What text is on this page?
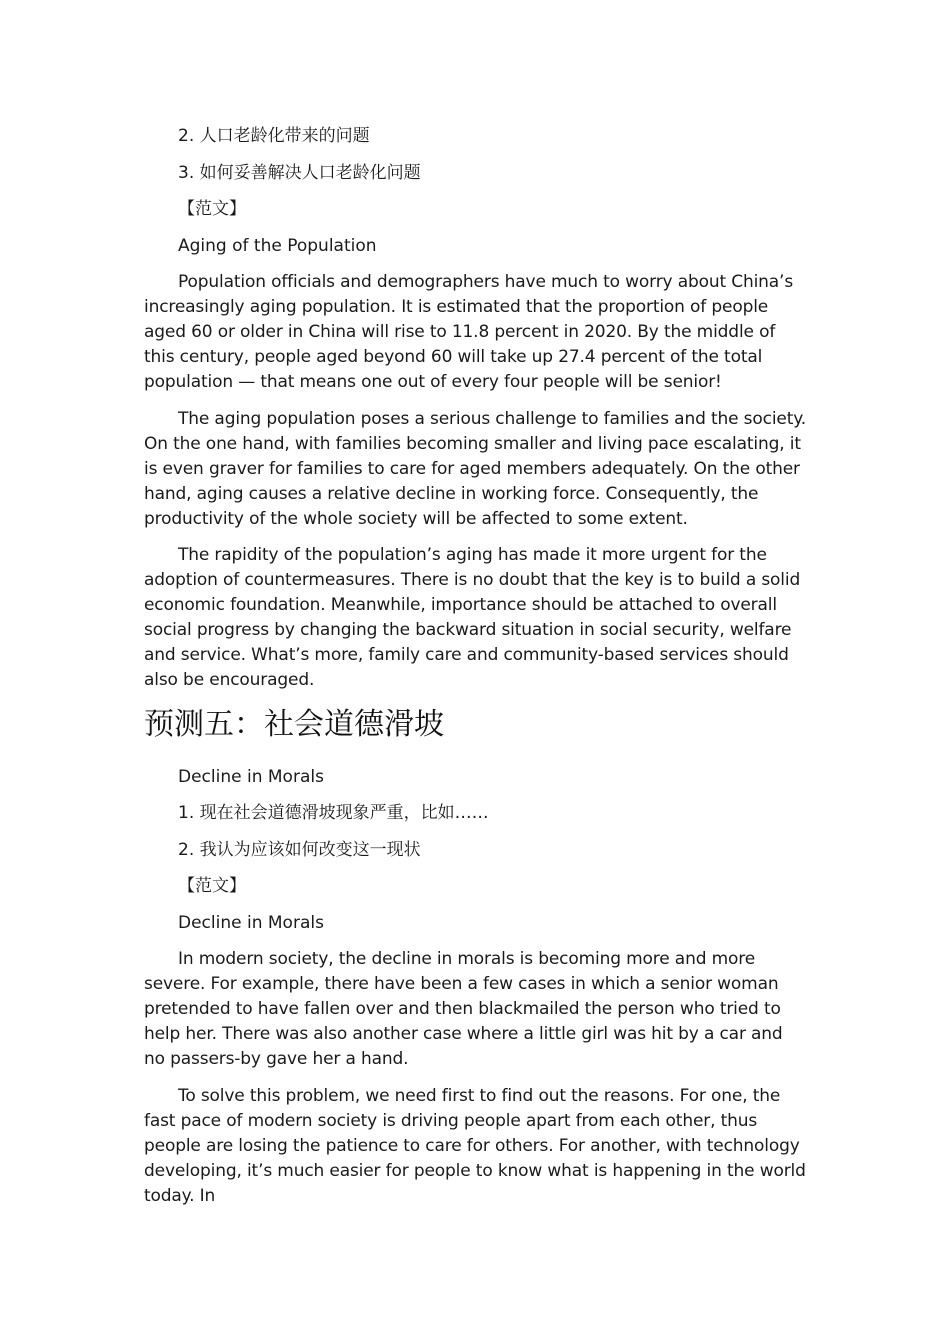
2. 人口老龄化带来的问题

3. 如何妥善解决人口老龄化问题

【范文】

Aging of the Population

Population officials and demographers have much to worry about China’s increasingly aging population. It is estimated that the proportion of people aged 60 or older in China will rise to 11.8 percent in 2020. By the middle of this century, people aged beyond 60 will take up 27.4 percent of the total population — that means one out of every four people will be senior!

The aging population poses a serious challenge to families and the society. On the one hand, with families becoming smaller and living pace escalating, it is even graver for families to care for aged members adequately. On the other hand, aging causes a relative decline in working force. Consequently, the productivity of the whole society will be affected to some extent.

The rapidity of the population’s aging has made it more urgent for the adoption of countermeasures. There is no doubt that the key is to build a solid economic foundation. Meanwhile, importance should be attached to overall social progress by changing the backward situation in social security, welfare and service. What’s more, family care and community-based services should also be encouraged.

预测五：社会道德滑坡

Decline in Morals

1. 现在社会道德滑坡现象严重，比如……

2. 我认为应该如何改变这一现状

【范文】

Decline in Morals

In modern society, the decline in morals is becoming more and more severe. For example, there have been a few cases in which a senior woman pretended to have fallen over and then blackmailed the person who tried to help her. There was also another case where a little girl was hit by a car and no passers-by gave her a hand.

To solve this problem, we need first to find out the reasons. For one, the fast pace of modern society is driving people apart from each other, thus people are losing the patience to care for others. For another, with technology developing, it’s much easier for people to know what is happening in the world today. In
